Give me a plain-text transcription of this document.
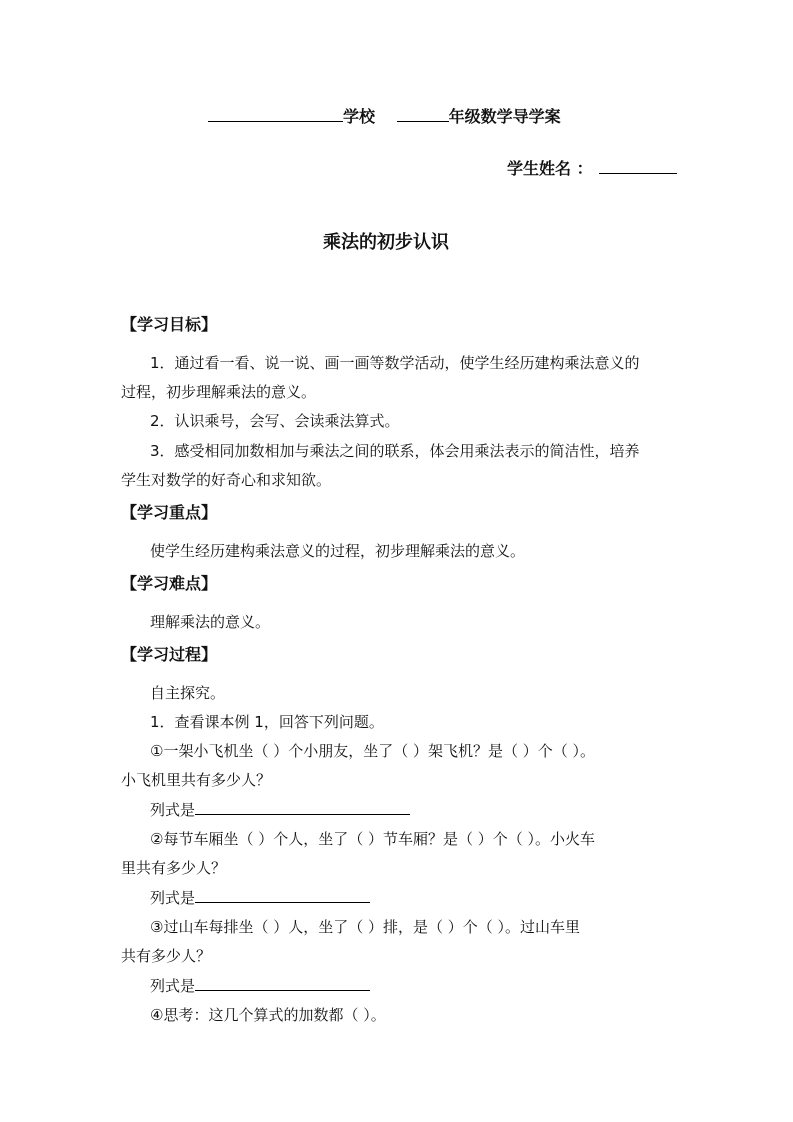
学校	年级数学导学案
学生姓名 ：
乘法的初步认识
【学习目标】
1．通过看一看、说一说、画一画等数学活动，使学生经历建构乘法意义的
过程，初步理解乘法的意义。
2．认识乘号，会写、会读乘法算式。
3．感受相同加数相加与乘法之间的联系，体会用乘法表示的简洁性，培养
学生对数学的好奇心和求知欲。
【学习重点】
使学生经历建构乘法意义的过程，初步理解乘法的意义。
【学习难点】
理解乘法的意义。
【学习过程】
自主探究。
1．查看课本例 1，回答下列问题。
①一架小飞机坐（ ）个小朋友，坐了（ ）架飞机？是（ ）个（ ）。
小飞机里共有多少人？
列式是
②每节车厢坐（ ）个人，坐了（ ）节车厢？是（ ）个（ ）。小火车
里共有多少人？
列式是
③过山车每排坐（ ）人，坐了（ ）排，是（ ）个（ ）。过山车里
共有多少人？
列式是
④思考：这几个算式的加数都（ ）。
